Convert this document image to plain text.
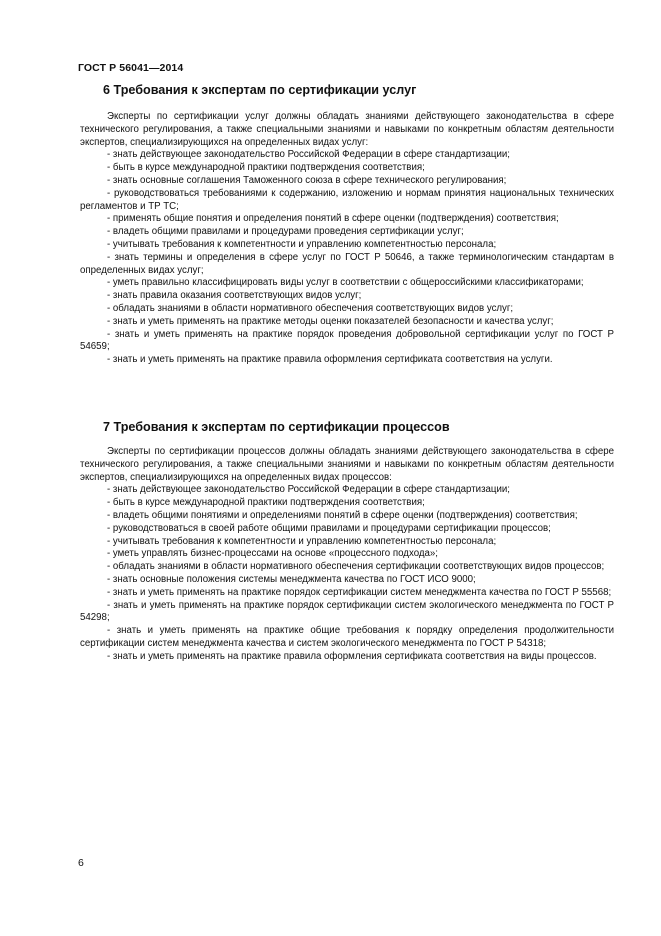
ГОСТ Р 56041—2014
6 Требования к экспертам по сертификации услуг

Эксперты по сертификации услуг должны обладать знаниями действующего законодательства в сфере технического регулирования, а также специальными знаниями и навыками по конкретным областям деятельности экспертов, специализирующихся на определенных видах услуг:

- знать действующее законодательство Российской Федерации в сфере стандартизации;

- быть в курсе международной практики подтверждения соответствия;

- знать основные соглашения Таможенного союза в сфере технического регулирования;

- руководствоваться требованиями к содержанию, изложению и нормам принятия национальных технических регламентов и ТР ТС;

- применять общие понятия и определения понятий в сфере оценки (подтверждения) соответствия;

- владеть общими правилами и процедурами проведения сертификации услуг;

- учитывать требования к компетентности и управлению компетентностью персонала;

- знать термины и определения в сфере услуг по ГОСТ Р 50646, а также терминологическим стандартам в определенных видах услуг;

- уметь правильно классифицировать виды услуг в соответствии с общероссийскими классификаторами;

- знать правила оказания соответствующих видов услуг;

- обладать знаниями в области нормативного обеспечения соответствующих видов услуг;

- знать и уметь применять на практике методы оценки показателей безопасности и качества услуг;

- знать и уметь применять на практике порядок проведения добровольной сертификации услуг по ГОСТ Р 54659;

- знать и уметь применять на практике правила оформления сертификата соответствия на услуги.

7 Требования к экспертам по сертификации процессов

Эксперты по сертификации процессов должны обладать знаниями действующего законодательства в сфере технического регулирования, а также специальными знаниями и навыками по конкретным областям деятельности экспертов, специализирующихся на определенных видах процессов:

- знать действующее законодательство Российской Федерации в сфере стандартизации;

- быть в курсе международной практики подтверждения соответствия;

- владеть общими понятиями и определениями понятий в сфере оценки (подтверждения) соответствия;

- руководствоваться в своей работе общими правилами и процедурами сертификации процессов;

- учитывать требования к компетентности и управлению компетентностью персонала;

- уметь управлять бизнес-процессами на основе «процессного подхода»;

- обладать знаниями в области нормативного обеспечения сертификации соответствующих видов процессов;

- знать основные положения системы менеджмента качества по ГОСТ ИСО 9000;

- знать и уметь применять на практике порядок сертификации систем менеджмента качества по ГОСТ Р 55568;

- знать и уметь применять на практике порядок сертификации систем экологического менеджмента по ГОСТ Р 54298;

- знать и уметь применять на практике общие требования к порядку определения продолжительности сертификации систем менеджмента качества и систем экологического менеджмента по ГОСТ Р 54318;

- знать и уметь применять на практике правила оформления сертификата соответствия на виды процессов.

6
